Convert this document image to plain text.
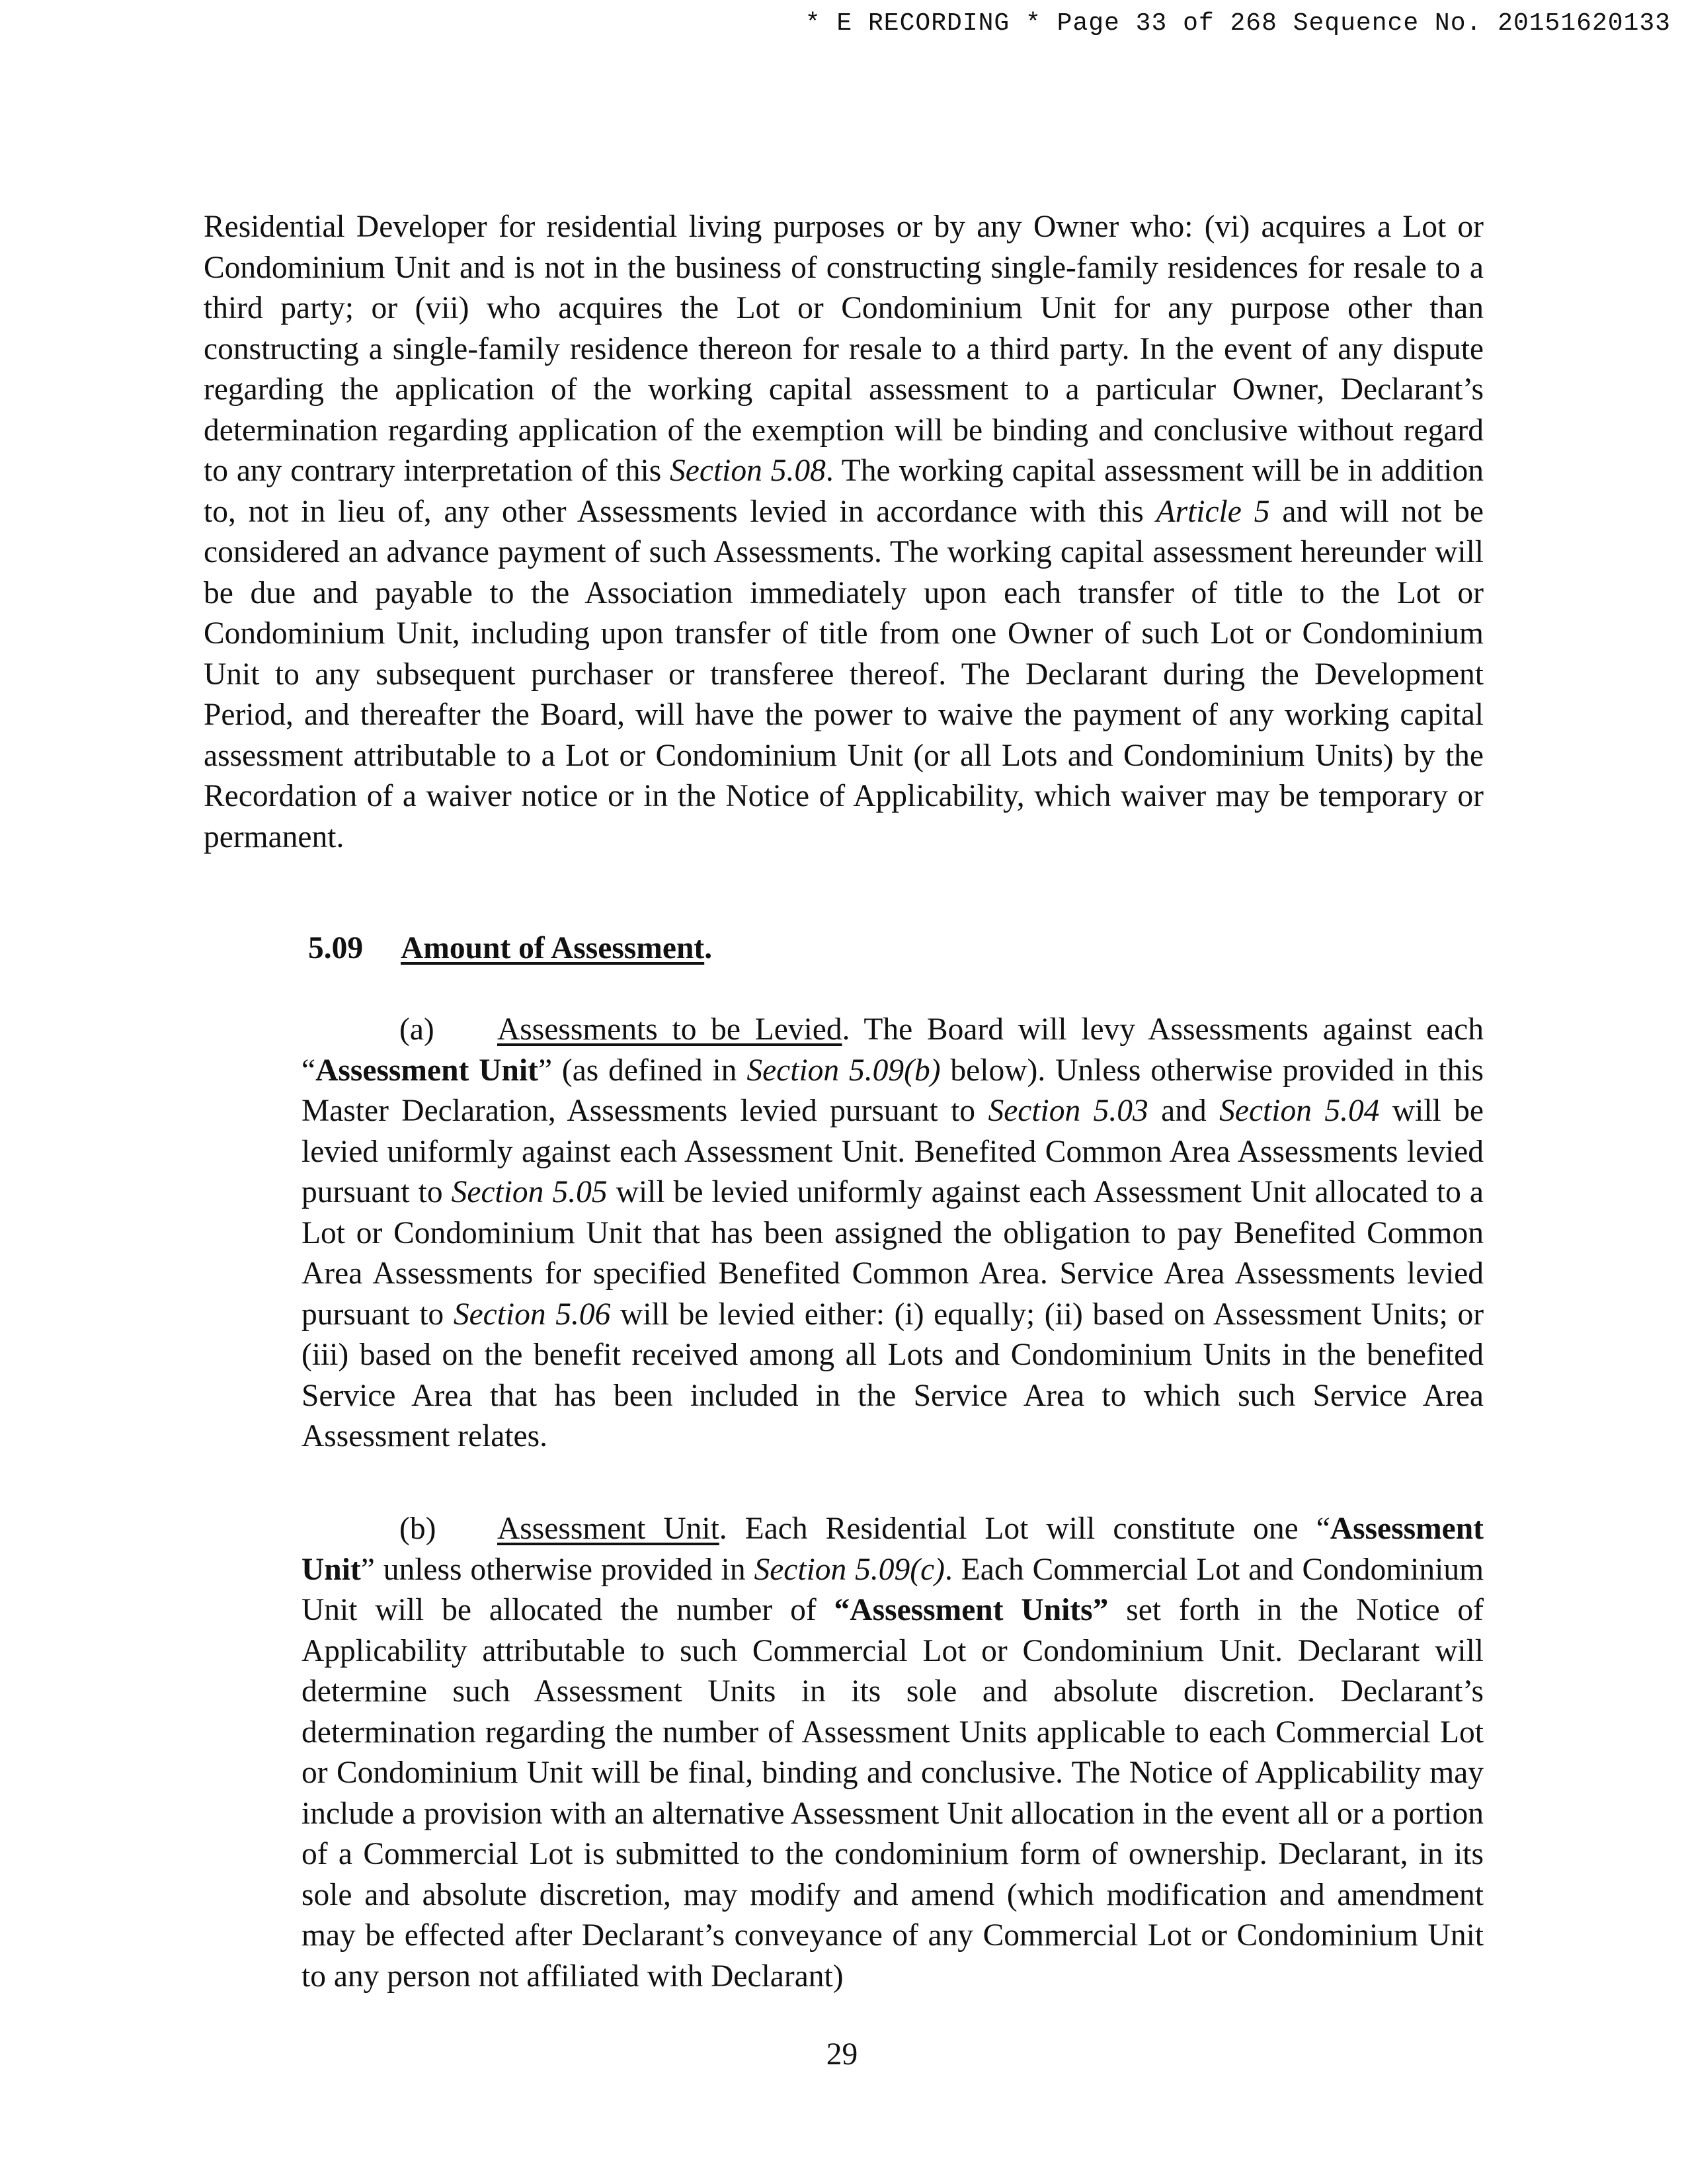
* E RECORDING * Page 33 of 268 Sequence No. 20151620133
Residential Developer for residential living purposes or by any Owner who: (vi) acquires a Lot or Condominium Unit and is not in the business of constructing single-family residences for resale to a third party; or (vii) who acquires the Lot or Condominium Unit for any purpose other than constructing a single-family residence thereon for resale to a third party. In the event of any dispute regarding the application of the working capital assessment to a particular Owner, Declarant’s determination regarding application of the exemption will be binding and conclusive without regard to any contrary interpretation of this Section 5.08. The working capital assessment will be in addition to, not in lieu of, any other Assessments levied in accordance with this Article 5 and will not be considered an advance payment of such Assessments. The working capital assessment hereunder will be due and payable to the Association immediately upon each transfer of title to the Lot or Condominium Unit, including upon transfer of title from one Owner of such Lot or Condominium Unit to any subsequent purchaser or transferee thereof. The Declarant during the Development Period, and thereafter the Board, will have the power to waive the payment of any working capital assessment attributable to a Lot or Condominium Unit (or all Lots and Condominium Units) by the Recordation of a waiver notice or in the Notice of Applicability, which waiver may be temporary or permanent.
5.09 Amount of Assessment.
(a) Assessments to be Levied. The Board will levy Assessments against each “Assessment Unit” (as defined in Section 5.09(b) below). Unless otherwise provided in this Master Declaration, Assessments levied pursuant to Section 5.03 and Section 5.04 will be levied uniformly against each Assessment Unit. Benefited Common Area Assessments levied pursuant to Section 5.05 will be levied uniformly against each Assessment Unit allocated to a Lot or Condominium Unit that has been assigned the obligation to pay Benefited Common Area Assessments for specified Benefited Common Area. Service Area Assessments levied pursuant to Section 5.06 will be levied either: (i) equally; (ii) based on Assessment Units; or (iii) based on the benefit received among all Lots and Condominium Units in the benefited Service Area that has been included in the Service Area to which such Service Area Assessment relates.
(b) Assessment Unit. Each Residential Lot will constitute one “Assessment Unit” unless otherwise provided in Section 5.09(c). Each Commercial Lot and Condominium Unit will be allocated the number of “Assessment Units” set forth in the Notice of Applicability attributable to such Commercial Lot or Condominium Unit. Declarant will determine such Assessment Units in its sole and absolute discretion. Declarant’s determination regarding the number of Assessment Units applicable to each Commercial Lot or Condominium Unit will be final, binding and conclusive. The Notice of Applicability may include a provision with an alternative Assessment Unit allocation in the event all or a portion of a Commercial Lot is submitted to the condominium form of ownership. Declarant, in its sole and absolute discretion, may modify and amend (which modification and amendment may be effected after Declarant’s conveyance of any Commercial Lot or Condominium Unit to any person not affiliated with Declarant)
29
